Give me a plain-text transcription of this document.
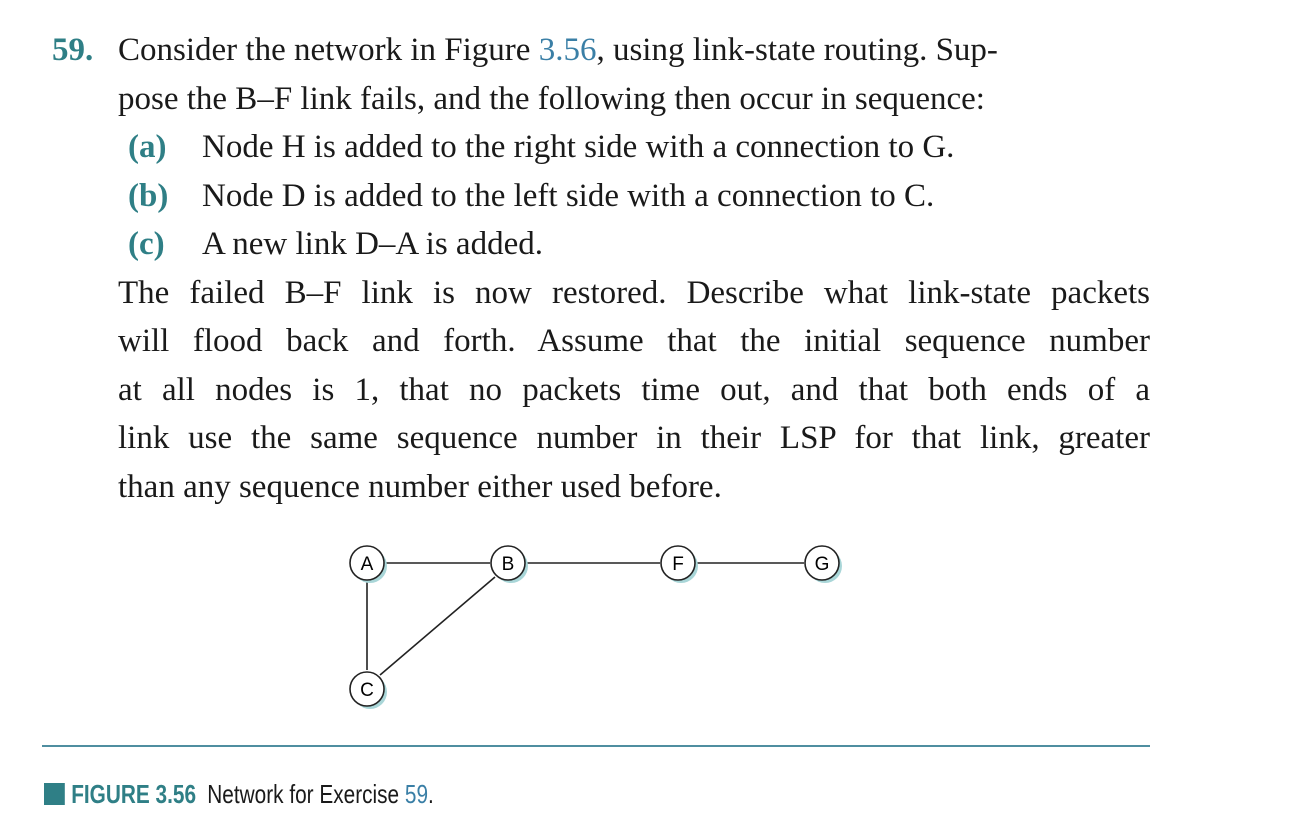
59. Consider the network in Figure 3.56, using link-state routing. Sup-
pose the B–F link fails, and the following then occur in sequence:
(a) Node H is added to the right side with a connection to G.
(b) Node D is added to the left side with a connection to C.
(c) A new link D–A is added.
The failed B–F link is now restored. Describe what link-state packets
will flood back and forth. Assume that the initial sequence number
at all nodes is 1, that no packets time out, and that both ends of a
link use the same sequence number in their LSP for that link, greater
than any sequence number either used before.
A	B	F	G
C
FIGURE 3.56 Network for Exercise 59.
